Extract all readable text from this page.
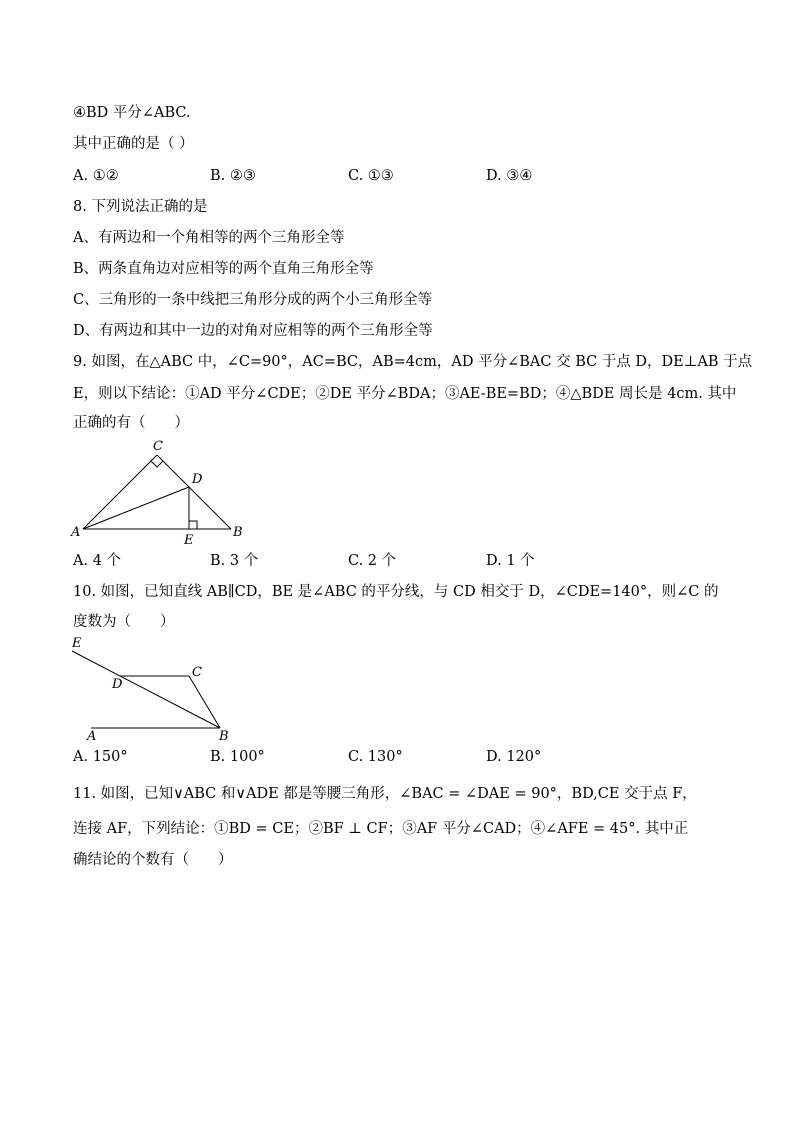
④BD 平分∠ABC.
其中正确的是（ ）
A. ①②	B. ②③	C. ①③	D. ③④
8. 下列说法正确的是
A、有两边和一个角相等的两个三角形全等
B、两条直角边对应相等的两个直角三角形全等
C、三角形的一条中线把三角形分成的两个小三角形全等
D、有两边和其中一边的对角对应相等的两个三角形全等
9. 如图，在△ABC 中，∠C=90°，AC=BC，AB=4cm，AD 平分∠BAC 交 BC 于点 D，DE⊥AB 于点
E，则以下结论：①AD 平分∠CDE；②DE 平分∠BDA；③AE-BE=BD；④△BDE 周长是 4cm. 其中
正确的有（　　）
C
D
A	B
E
A. 4 个	B. 3 个	C. 2 个	D. 1 个
10. 如图，已知直线 AB∥CD，BE 是∠ABC 的平分线，与 CD 相交于 D，∠CDE=140°，则∠C 的
度数为（　　）
E
D
C
A	B
A. 150°	B. 100°	C. 130°	D. 120°
11. 如图，已知∨ABC 和∨ADE 都是等腰三角形，∠BAC = ∠DAE = 90°，BD,CE 交于点 F，
连接 AF，下列结论：①BD = CE；②BF ⊥ CF；③AF 平分∠CAD；④∠AFE = 45°. 其中正
确结论的个数有（　　）
